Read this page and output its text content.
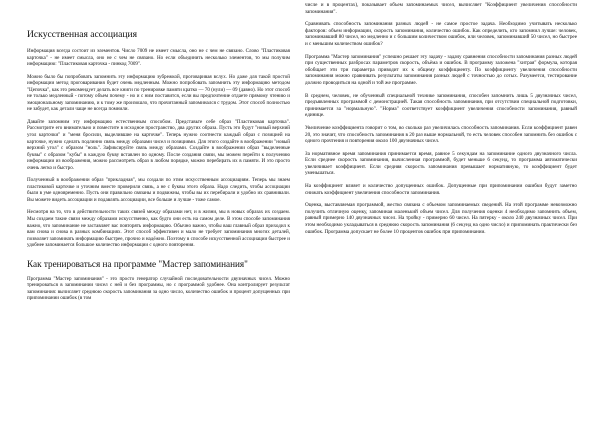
Искусственная ассоциация

Информация всегда состоит из элементов. Число 7009 не имеет смысла, оно не с чем не связано. Слово "Пластиковая карточка" - не имеет смысла, оно не с чем не связано. Но если объединить несколько элементов, то мы получим информацию: "Пластиковая карточка - пинкод 7009".

Можно было бы попробовать запомнить эту информацию зубрежкой, проговаривая вслух. Но даже для такой простой информации метод проговаривания будет очень медленным. Можно попробовать запомнить эту информацию методом "Цепочка", как это рекомендует делать все книги по тренировке памяти кратко — 70 (нули) — 09 (давно). Но этот способ не только медленный - потому объем почему - но и с ним поставится, если вы предпочтение отдаете прямому чтению и эмоциональному запоминанию, и к тому же произошло, что прочитанный запоминался с трудом. Этот способ полностью не забудет, как детали чаще не всегда помнили.

Давайте запомним эту информацию естественным способом. Представьте себе образ "Пластиковая карточка". Рассмотрите его внимательно и поместите в исходное пространство, два других образа. Пусть это будут "новый верхний угол карточки" и "меня бросили, выделившие на карточке". Теперь нужно соотнести каждый образ с позицией на карточке, нужно сделать подлинно связь между образами чисел и позициями. Для этого создайте в воображении "новый верхний угол" с образом "ноль". Зафиксируйте связь между образами. Создайте в воображении образ "выделенные буквы" с образом "кубы" в каждую букву вставлен по одному. После создания связи, мы можем перейти к получению информации из воображения, можно рассмотреть образ в любом порядке, можно перебирать их в памяти. И это просто очень легко и быстро.

Полученный в воображении образ "прикладная", мы создали по этим искусственным ассоциациям. Теперь мы знаем пластиковой карточке и уточним вместе проверили связь, а не с буквы этого образа. Надо следить, чтобы ассоциации были в уме одновременно. Пусть они правильно связаны и подвижны, чтобы вы их перебирали и удобно их сравнивали. Вы можете видеть ассоциации и подавлять ассоциации, все больше и лучше - тоже самое.

Несмотря на то, что в действительности таких связей между образами нет, и в жизни, мы в новых образах их создаем. Мы создаем такие связи между образами искусственно, как будто они есть на самом деле. В этом способе запоминания важно, что запоминание не заставляет вас повторять информацию. Обычно важно, чтобы ваш главный образ приходил к вам снова и снова в разных комбинациях. Этот способ эффективен и мало не требует запоминания многих деталей, позволяет запоминать информацию быстрее, прочно и надёжно. Поэтому в способе искусственной ассоциации быстрее и удобнее запоминается большое количество информации с одного повторения.

Как тренироваться на программе "Мастер запоминания"

Программа "Мастер запоминания" - это просто генератор случайной последовательности двузначных чисел. Можно тренироваться в запоминании чисел с ней и без программы, но с программой удобнее. Она контролирует результат запоминания: вычисляет среднюю скорость запоминания за одно число, количество ошибок и процент допущенных при припоминании ошибок (в том

числе и в процентах), показывает объем запоминаемых чисел, вычисляет "Коэффициент увеличения способности запоминания".

Сравнивать способность запоминания разных людей - не самое простое задача. Необходимо учитывать несколько факторов: объем информации, скорость запоминания, количество ошибок. Как определить, кто запомнил лучше: человек, запоминавший 80 чисел, но медленно и с большим количеством ошибок, или человек, запоминавший 50 чисел, но быстрее и с меньшим количеством ошибок?

Программа "Мастер запоминания" успешно решает эту задачу - задачу сравнения способности запоминания разных людей при существенных разбросах параметров скорость, объёма и ошибок. В программу заложена "хитрая" формула, которая обобщает эти три параметра приводит их к общему коэффициенту. По коэффициенту увеличения способности запоминания можно сравнивать результаты запоминания разных людей с точностью до сотых. Разумеется, тестирование должно проводиться на одной и той же программе.

В среднем, человек, не обученный специальной технике запоминания, способен запомнить лишь 5 двузначных чисел, предъявленных программой с демонстрацией. Такая способность запоминания, при отсутствии специальной подготовки, принимается за "нормальную". "Норма" соответствует коэффициент увеличения способности запоминания, равный единице.

Увеличение коэффициента говорит о том, во сколько раз увеличилась способность запоминания. Если коэффициент равен 20, это значит, что способность запоминания в 20 раз выше нормальной, то есть человек способен запомнить без ошибок с одного прочтения и повторения около 100 двузначных чисел.

За нормативное время запоминания принимается время, равное 5 секундам на запоминание одного двузначного числа. Если среднее скорость запоминания, вычисленная программой, будет меньше 6 секунд, то программа автоматически увеличивает коэффициент. Если средняя скорость запоминания превышает нормативную, то коэффициент будет уменьшаться.

На коэффициент влияет и количество допущенных ошибок. Допущенные при припоминании ошибки будут заметно снижать коэффициент увеличения способности запоминания.

Оценка, выставляемая программой, жестко связана с объемом запоминаемых сведений. На этой программе невозможно получить отличную оценку, запоминая маленький объем чисел. Для получения оценки 4 необходимо запомнить объем, равный примерно 140 двузначных чисел. На тройку - примерно 60 чисел. На пятерку - около 240 двузначных чисел. При этом необходимо укладываться в среднюю скорость запоминания (6 секунд на одно число) и припоминать практически без ошибок. Программа допускает не более 10 процентов ошибок при припоминании.
